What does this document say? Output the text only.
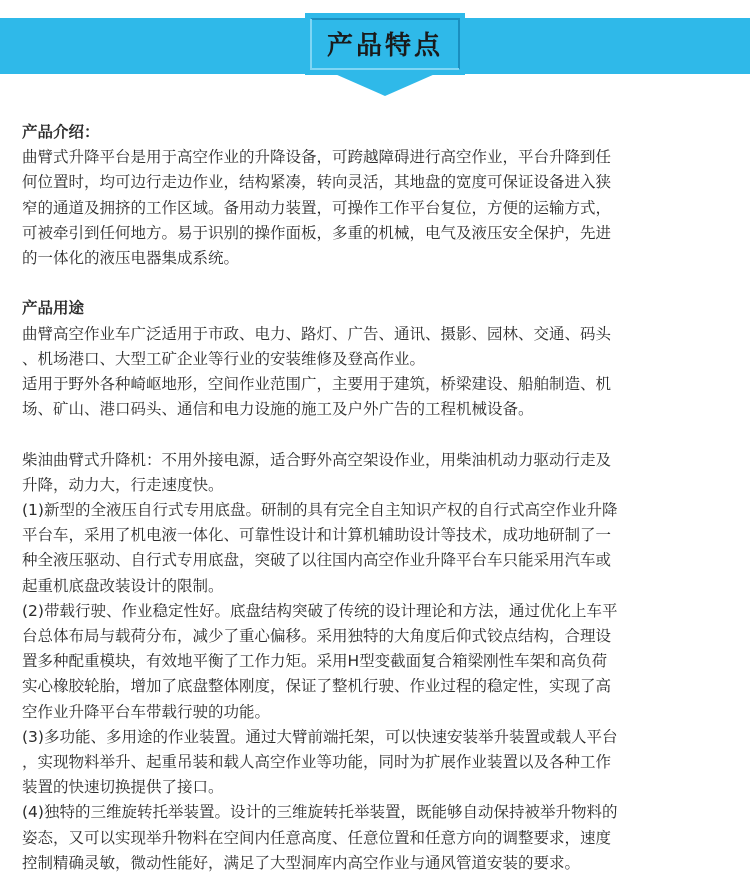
产品特点

产品介绍：

曲臂式升降平台是用于高空作业的升降设备，可跨越障碍进行高空作业，平台升降到任

何位置时，均可边行走边作业，结构紧凑，转向灵活，其地盘的宽度可保证设备进入狭

窄的通道及拥挤的工作区域。备用动力装置，可操作工作平台复位，方便的运输方式，

可被牵引到任何地方。易于识别的操作面板，多重的机械，电气及液压安全保护，先进

的一体化的液压电器集成系统。

产品用途

曲臂高空作业车广泛适用于市政、电力、路灯、广告、通讯、摄影、园林、交通、码头

、机场港口、大型工矿企业等行业的安装维修及登高作业。

适用于野外各种崎岖地形，空间作业范围广，主要用于建筑，桥梁建设、船舶制造、机

场、矿山、港口码头、通信和电力设施的施工及户外广告的工程机械设备。

柴油曲臂式升降机：不用外接电源，适合野外高空架设作业，用柴油机动力驱动行走及

升降，动力大，行走速度快。

(1)新型的全液压自行式专用底盘。研制的具有完全自主知识产权的自行式高空作业升降

平台车，采用了机电液一体化、可靠性设计和计算机辅助设计等技术，成功地研制了一

种全液压驱动、自行式专用底盘，突破了以往国内高空作业升降平台车只能采用汽车或

起重机底盘改装设计的限制。

(2)带载行驶、作业稳定性好。底盘结构突破了传统的设计理论和方法，通过优化上车平

台总体布局与载荷分布，减少了重心偏移。采用独特的大角度后仰式铰点结构，合理设

置多种配重模块，有效地平衡了工作力矩。采用H型变截面复合箱梁刚性车架和高负荷

实心橡胶轮胎，增加了底盘整体刚度，保证了整机行驶、作业过程的稳定性，实现了高

空作业升降平台车带载行驶的功能。

(3)多功能、多用途的作业装置。通过大臂前端托架，可以快速安装举升装置或载人平台

，实现物料举升、起重吊装和载人高空作业等功能，同时为扩展作业装置以及各种工作

装置的快速切换提供了接口。

(4)独特的三维旋转托举装置。设计的三维旋转托举装置，既能够自动保持被举升物料的

姿态，又可以实现举升物料在空间内任意高度、任意位置和任意方向的调整要求，速度

控制精确灵敏，微动性能好，满足了大型洞库内高空作业与通风管道安装的要求。
